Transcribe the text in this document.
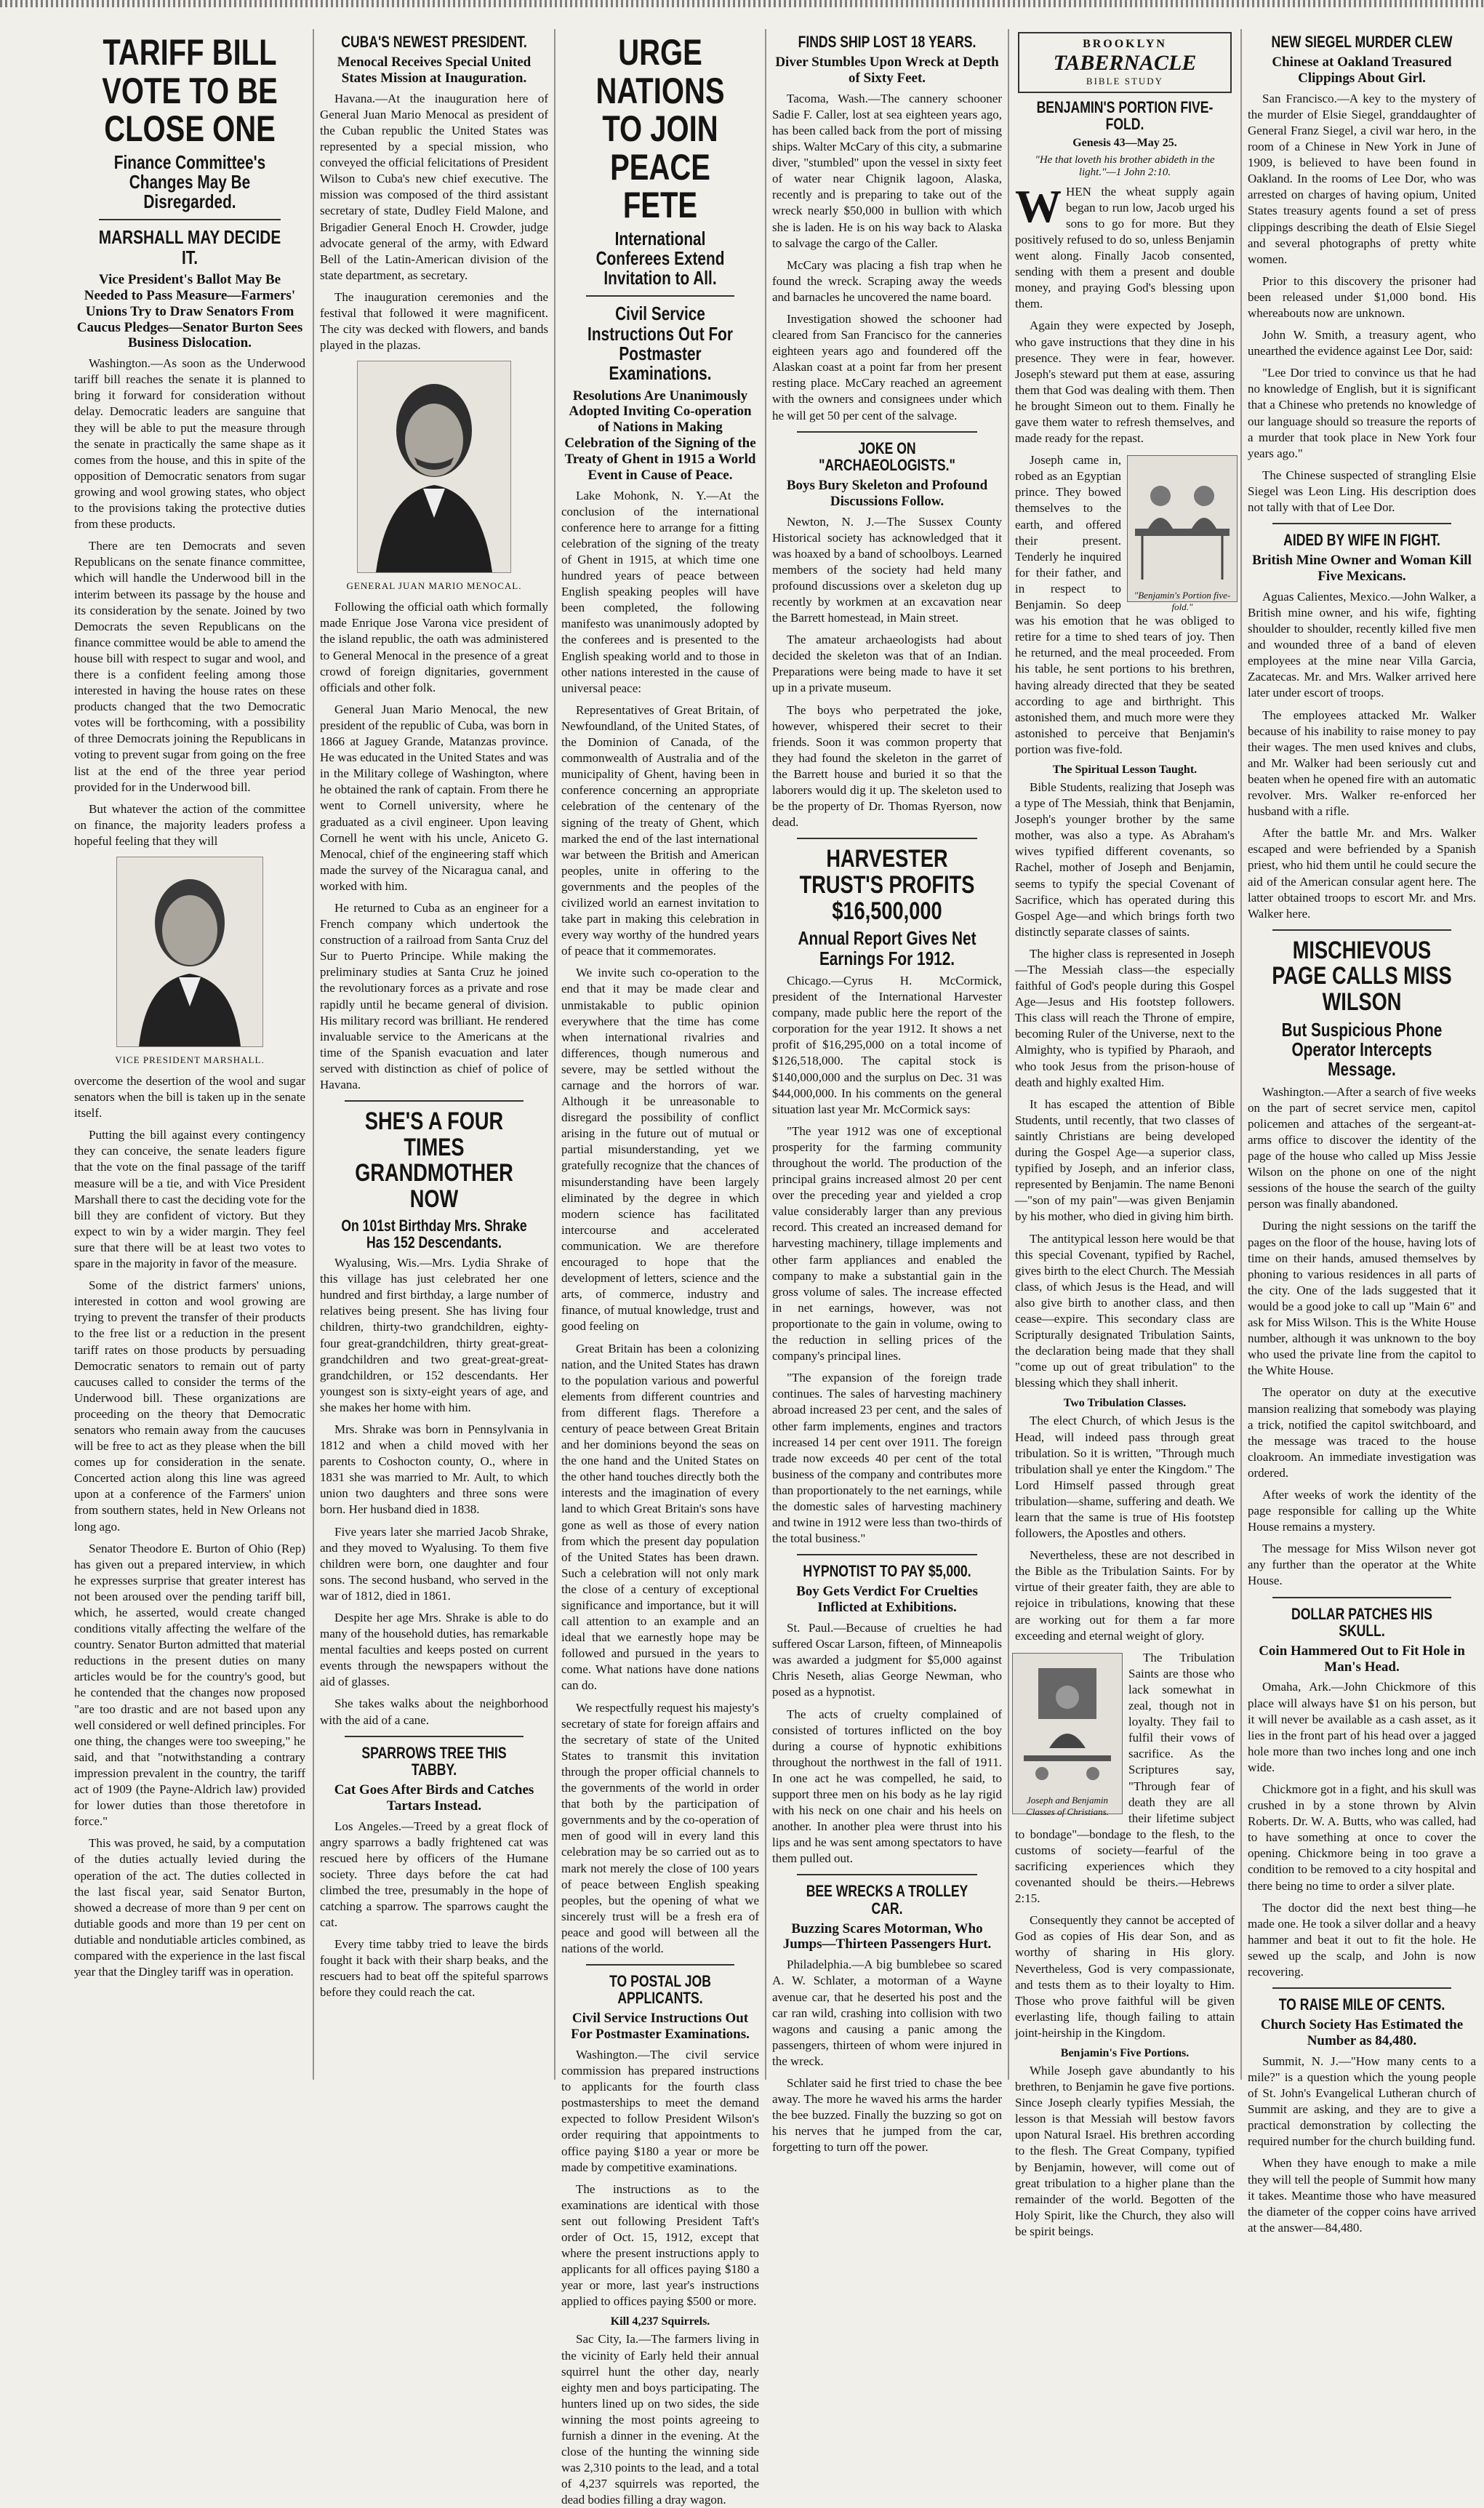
TARIFF BILL VOTE TO BE CLOSE ONE
Finance Committee's Changes May Be Disregarded.
MARSHALL MAY DECIDE IT.
Vice President's Ballot May Be Needed to Pass Measure—Farmers' Unions Try to Draw Senators From Caucus Pledges—Senator Burton Sees Business Dislocation.

Washington.—As soon as the Underwood tariff bill reaches the senate it is planned to bring it forward for consideration without delay. Democratic leaders are sanguine that they will be able to put the measure through the senate in practically the same shape as it comes from the house, and this in spite of the opposition of Democratic senators from sugar growing and wool growing states, who object to the provisions taking the protective duties from these products.

There are ten Democrats and seven Republicans on the senate finance committee, which will handle the Underwood bill in the interim between its passage by the house and its consideration by the senate. Joined by two Democrats the seven Republicans on the finance committee would be able to amend the house bill with respect to sugar and wool, and there is a confident feeling among those interested in having the house rates on these products changed that the two Democratic votes will be forthcoming, with a possibility of three Democrats joining the Republicans in voting to prevent sugar from going on the free list at the end of the three year period provided for in the Underwood bill.

But whatever the action of the committee on finance, the majority leaders profess a hopeful feeling that they will

VICE PRESIDENT MARSHALL.

overcome the desertion of the wool and sugar senators when the bill is taken up in the senate itself.

Putting the bill against every contingency they can conceive, the senate leaders figure that the vote on the final passage of the tariff measure will be a tie, and with Vice President Marshall there to cast the deciding vote for the bill they are confident of victory. But they expect to win by a wider margin. They feel sure that there will be at least two votes to spare in the majority in favor of the measure.

Some of the district farmers' unions, interested in cotton and wool growing are trying to prevent the transfer of their products to the free list or a reduction in the present tariff rates on those products by persuading Democratic senators to remain out of party caucuses called to consider the terms of the Underwood bill. These organizations are proceeding on the theory that Democratic senators who remain away from the caucuses will be free to act as they please when the bill comes up for consideration in the senate. Concerted action along this line was agreed upon at a conference of the Farmers' union from southern states, held in New Orleans not long ago.

Senator Theodore E. Burton of Ohio (Rep) has given out a prepared interview, in which he expresses surprise that greater interest has not been aroused over the pending tariff bill, which, he asserted, would create changed conditions vitally affecting the welfare of the country. Senator Burton admitted that material reductions in the present duties on many articles would be for the country's good, but he contended that the changes now proposed "are too drastic and are not based upon any well considered or well defined principles. For one thing, the changes were too sweeping," he said, and that "notwithstanding a contrary impression prevalent in the country, the tariff act of 1909 (the Payne-Aldrich law) provided for lower duties than those theretofore in force."

This was proved, he said, by a computation of the duties actually levied during the operation of the act. The duties collected in the last fiscal year, said Senator Burton, showed a decrease of more than 9 per cent on dutiable goods and more than 19 per cent on dutiable and nondutiable articles combined, as compared with the experience in the last fiscal year that the Dingley tariff was in operation.

CUBA'S NEWEST PRESIDENT.
Menocal Receives Special United States Mission at Inauguration.

Havana.—At the inauguration here of General Juan Mario Menocal as president of the Cuban republic the United States was represented by a special mission, who conveyed the official felicitations of President Wilson to Cuba's new chief executive. The mission was composed of the third assistant secretary of state, Dudley Field Malone, and Brigadier General Enoch H. Crowder, judge advocate general of the army, with Edward Bell of the Latin-American division of the state department, as secretary.

The inauguration ceremonies and the festival that followed it were magnificent. The city was decked with flowers, and bands played in the plazas.

GENERAL JUAN MARIO MENOCAL.

Following the official oath which formally made Enrique Jose Varona vice president of the island republic, the oath was administered to General Menocal in the presence of a great crowd of foreign dignitaries, government officials and other folk.

General Juan Mario Menocal, the new president of the republic of Cuba, was born in 1866 at Jaguey Grande, Matanzas province. He was educated in the United States and was in the Military college of Washington, where he obtained the rank of captain. From there he went to Cornell university, where he graduated as a civil engineer. Upon leaving Cornell he went with his uncle, Aniceto G. Menocal, chief of the engineering staff which made the survey of the Nicaragua canal, and worked with him.

He returned to Cuba as an engineer for a French company which undertook the construction of a railroad from Santa Cruz del Sur to Puerto Principe. While making the preliminary studies at Santa Cruz he joined the revolutionary forces as a private and rose rapidly until he became general of division. His military record was brilliant. He rendered invaluable service to the Americans at the time of the Spanish evacuation and later served with distinction as chief of police of Havana.

SHE'S A FOUR TIMES GRANDMOTHER NOW
On 101st Birthday Mrs. Shrake Has 152 Descendants.

Wyalusing, Wis.—Mrs. Lydia Shrake of this village has just celebrated her one hundred and first birthday, a large number of relatives being present. She has living four children, thirty-two grandchildren, eighty-four great-grandchildren, thirty great-great-grandchildren and two great-great-great-grandchildren, or 152 descendants. Her youngest son is sixty-eight years of age, and she makes her home with him.

Mrs. Shrake was born in Pennsylvania in 1812 and when a child moved with her parents to Coshocton county, O., where in 1831 she was married to Mr. Ault, to which union two daughters and three sons were born. Her husband died in 1838.

Five years later she married Jacob Shrake, and they moved to Wyalusing. To them five children were born, one daughter and four sons. The second husband, who served in the war of 1812, died in 1861.

Despite her age Mrs. Shrake is able to do many of the household duties, has remarkable mental faculties and keeps posted on current events through the newspapers without the aid of glasses.

She takes walks about the neighborhood with the aid of a cane.

SPARROWS TREE THIS TABBY.
Cat Goes After Birds and Catches Tartars Instead.

Los Angeles.—Treed by a great flock of angry sparrows a badly frightened cat was rescued here by officers of the Humane society. Three days before the cat had climbed the tree, presumably in the hope of catching a sparrow. The sparrows caught the cat.

Every time tabby tried to leave the birds fought it back with their sharp beaks, and the rescuers had to beat off the spiteful sparrows before they could reach the cat.

URGE NATIONS TO JOIN PEACE FETE
International Conferees Extend Invitation to All.
Civil Service Instructions Out For Postmaster Examinations.
Resolutions Are Unanimously Adopted Inviting Co-operation of Nations in Making Celebration of the Signing of the Treaty of Ghent in 1915 a World Event in Cause of Peace.

Lake Mohonk, N. Y.—At the conclusion of the international conference here to arrange for a fitting celebration of the signing of the treaty of Ghent in 1915, at which time one hundred years of peace between English speaking peoples will have been completed, the following manifesto was unanimously adopted by the conferees and is presented to the English speaking world and to those in other nations interested in the cause of universal peace:

Representatives of Great Britain, of Newfoundland, of the United States, of the Dominion of Canada, of the commonwealth of Australia and of the municipality of Ghent, having been in conference concerning an appropriate celebration of the centenary of the signing of the treaty of Ghent, which marked the end of the last international war between the British and American peoples, unite in offering to the governments and the peoples of the civilized world an earnest invitation to take part in making this celebration in every way worthy of the hundred years of peace that it commemorates.

We invite such co-operation to the end that it may be made clear and unmistakable to public opinion everywhere that the time has come when international rivalries and differences, though numerous and severe, may be settled without the carnage and the horrors of war. Although it be unreasonable to disregard the possibility of conflict arising in the future out of mutual or partial misunderstanding, yet we gratefully recognize that the chances of misunderstanding have been largely eliminated by the degree in which modern science has facilitated intercourse and accelerated communication. We are therefore encouraged to hope that the development of letters, science and the arts, of commerce, industry and finance, of mutual knowledge, trust and good feeling on

Great Britain has been a colonizing nation, and the United States has drawn to the population various and powerful elements from different countries and from different flags. Therefore a century of peace between Great Britain and her dominions beyond the seas on the one hand and the United States on the other hand touches directly both the interests and the imagination of every land to which Great Britain's sons have gone as well as those of every nation from which the present day population of the United States has been drawn. Such a celebration will not only mark the close of a century of exceptional significance and importance, but it will call attention to an example and an ideal that we earnestly hope may be followed and pursued in the years to come. What nations have done nations can do.

We respectfully request his majesty's secretary of state for foreign affairs and the secretary of state of the United States to transmit this invitation through the proper official channels to the governments of the world in order that both by the participation of governments and by the co-operation of men of good will in every land this celebration may be so carried out as to mark not merely the close of 100 years of peace between English speaking peoples, but the opening of what we sincerely trust will be a fresh era of peace and good will between all the nations of the world.

TO POSTAL JOB APPLICANTS.
Civil Service Instructions Out For Postmaster Examinations.

Washington.—The civil service commission has prepared instructions to applicants for the fourth class postmasterships to meet the demand expected to follow President Wilson's order requiring that appointments to office paying $180 a year or more be made by competitive examinations.

The instructions as to the examinations are identical with those sent out following President Taft's order of Oct. 15, 1912, except that where the present instructions apply to applicants for all offices paying $180 a year or more, last year's instructions applied to offices paying $500 or more.

Kill 4,237 Squirrels.

Sac City, Ia.—The farmers living in the vicinity of Early held their annual squirrel hunt the other day, nearly eighty men and boys participating. The hunters lined up on two sides, the side winning the most points agreeing to furnish a dinner in the evening. At the close of the hunting the winning side was 2,310 points to the lead, and a total of 4,237 squirrels was reported, the dead bodies filling a dray wagon.

FINDS SHIP LOST 18 YEARS.
Diver Stumbles Upon Wreck at Depth of Sixty Feet.

Tacoma, Wash.—The cannery schooner Sadie F. Caller, lost at sea eighteen years ago, has been called back from the port of missing ships. Walter McCary of this city, a submarine diver, "stumbled" upon the vessel in sixty feet of water near Chignik lagoon, Alaska, recently and is preparing to take out of the wreck nearly $50,000 in bullion with which she is laden. He is on his way back to Alaska to salvage the cargo of the Caller.

McCary was placing a fish trap when he found the wreck. Scraping away the weeds and barnacles he uncovered the name board.

Investigation showed the schooner had cleared from San Francisco for the canneries eighteen years ago and foundered off the Alaskan coast at a point far from her present resting place. McCary reached an agreement with the owners and consignees under which he will get 50 per cent of the salvage.

JOKE ON "ARCHAEOLOGISTS."
Boys Bury Skeleton and Profound Discussions Follow.

Newton, N. J.—The Sussex County Historical society has acknowledged that it was hoaxed by a band of schoolboys. Learned members of the society had held many profound discussions over a skeleton dug up recently by workmen at an excavation near the Barrett homestead, in Main street.

The amateur archaeologists had about decided the skeleton was that of an Indian. Preparations were being made to have it set up in a private museum.

The boys who perpetrated the joke, however, whispered their secret to their friends. Soon it was common property that they had found the skeleton in the garret of the Barrett house and buried it so that the laborers would dig it up. The skeleton used to be the property of Dr. Thomas Ryerson, now dead.

HARVESTER TRUST'S PROFITS $16,500,000
Annual Report Gives Net Earnings For 1912.

Chicago.—Cyrus H. McCormick, president of the International Harvester company, made public here the report of the corporation for the year 1912. It shows a net profit of $16,295,000 on a total income of $126,518,000. The capital stock is $140,000,000 and the surplus on Dec. 31 was $44,000,000. In his comments on the general situation last year Mr. McCormick says:

"The year 1912 was one of exceptional prosperity for the farming community throughout the world. The production of the principal grains increased almost 20 per cent over the preceding year and yielded a crop value considerably larger than any previous record. This created an increased demand for harvesting machinery, tillage implements and other farm appliances and enabled the company to make a substantial gain in the gross volume of sales. The increase effected in net earnings, however, was not proportionate to the gain in volume, owing to the reduction in selling prices of the company's principal lines.

"The expansion of the foreign trade continues. The sales of harvesting machinery abroad increased 23 per cent, and the sales of other farm implements, engines and tractors increased 14 per cent over 1911. The foreign trade now exceeds 40 per cent of the total business of the company and contributes more than proportionately to the net earnings, while the domestic sales of harvesting machinery and twine in 1912 were less than two-thirds of the total business."

HYPNOTIST TO PAY $5,000.
Boy Gets Verdict For Cruelties Inflicted at Exhibitions.

St. Paul.—Because of cruelties he had suffered Oscar Larson, fifteen, of Minneapolis was awarded a judgment for $5,000 against Chris Neseth, alias George Newman, who posed as a hypnotist.

The acts of cruelty complained of consisted of tortures inflicted on the boy during a course of hypnotic exhibitions throughout the northwest in the fall of 1911. In one act he was compelled, he said, to support three men on his body as he lay rigid with his neck on one chair and his heels on another. In another plea were thrust into his lips and he was sent among spectators to have them pulled out.

BEE WRECKS A TROLLEY CAR.
Buzzing Scares Motorman, Who Jumps—Thirteen Passengers Hurt.

Philadelphia.—A big bumblebee so scared A. W. Schlater, a motorman of a Wayne avenue car, that he deserted his post and the car ran wild, crashing into collision with two wagons and causing a panic among the passengers, thirteen of whom were injured in the wreck.

Schlater said he first tried to chase the bee away. The more he waved his arms the harder the bee buzzed. Finally the buzzing so got on his nerves that he jumped from the car, forgetting to turn off the power.

BROOKLYN
TABERNACLE
BIBLE STUDY
BENJAMIN'S PORTION FIVE-FOLD.
Genesis 43—May 25.
"He that loveth his brother abideth in the light."—1 John 2:10.

WHEN the wheat supply again began to run low, Jacob urged his sons to go for more. But they positively refused to do so, unless Benjamin went along. Finally Jacob consented, sending with them a present and double money, and praying God's blessing upon them.

Again they were expected by Joseph, who gave instructions that they dine in his presence. They were in fear, however. Joseph's steward put them at ease, assuring them that God was dealing with them. Then he brought Simeon out to them. Finally he gave them water to refresh themselves, and made ready for the repast.

"Benjamin's Portion five-fold."

Joseph came in, robed as an Egyptian prince. They bowed themselves to the earth, and offered their present. Tenderly he inquired for their father, and in respect to Benjamin. So deep was his emotion that he was obliged to retire for a time to shed tears of joy. Then he returned, and the meal proceeded. From his table, he sent portions to his brethren, having already directed that they be seated according to age and birthright. This astonished them, and much more were they astonished to perceive that Benjamin's portion was five-fold.

The Spiritual Lesson Taught.

Bible Students, realizing that Joseph was a type of The Messiah, think that Benjamin, Joseph's younger brother by the same mother, was also a type. As Abraham's wives typified different covenants, so Rachel, mother of Joseph and Benjamin, seems to typify the special Covenant of Sacrifice, which has operated during this Gospel Age—and which brings forth two distinctly separate classes of saints.

The higher class is represented in Joseph—The Messiah class—the especially faithful of God's people during this Gospel Age—Jesus and His footstep followers. This class will reach the Throne of empire, becoming Ruler of the Universe, next to the Almighty, who is typified by Pharaoh, and who took Jesus from the prison-house of death and highly exalted Him.

It has escaped the attention of Bible Students, until recently, that two classes of saintly Christians are being developed during the Gospel Age—a superior class, typified by Joseph, and an inferior class, represented by Benjamin. The name Benoni—"son of my pain"—was given Benjamin by his mother, who died in giving him birth.

The antitypical lesson here would be that this special Covenant, typified by Rachel, gives birth to the elect Church. The Messiah class, of which Jesus is the Head, and will also give birth to another class, and then cease—expire. This secondary class are Scripturally designated Tribulation Saints, the declaration being made that they shall "come up out of great tribulation" to the blessing which they shall inherit.

Two Tribulation Classes.

The elect Church, of which Jesus is the Head, will indeed pass through great tribulation. So it is written, "Through much tribulation shall ye enter the Kingdom." The Lord Himself passed through great tribulation—shame, suffering and death. We learn that the same is true of His footstep followers, the Apostles and others.

Nevertheless, these are not described in the Bible as the Tribulation Saints. For by virtue of their greater faith, they are able to rejoice in tribulations, knowing that these are working out for them a far more exceeding and eternal weight of glory.

Joseph and Benjamin Classes of Christians.

The Tribulation Saints are those who lack somewhat in zeal, though not in loyalty. They fail to fulfil their vows of sacrifice. As the Scriptures say, "Through fear of death they are all their lifetime subject to bondage"—bondage to the flesh, to the customs of society—fearful of the sacrificing experiences which they covenanted should be theirs.—Hebrews 2:15.

Consequently they cannot be accepted of God as copies of His dear Son, and as worthy of sharing in His glory. Nevertheless, God is very compassionate, and tests them as to their loyalty to Him. Those who prove faithful will be given everlasting life, though failing to attain joint-heirship in the Kingdom.

Benjamin's Five Portions.

While Joseph gave abundantly to his brethren, to Benjamin he gave five portions. Since Joseph clearly typifies Messiah, the lesson is that Messiah will bestow favors upon Natural Israel. His brethren according to the flesh. The Great Company, typified by Benjamin, however, will come out of great tribulation to a higher plane than the remainder of the world. Begotten of the Holy Spirit, like the Church, they also will be spirit beings.

NEW SIEGEL MURDER CLEW
Chinese at Oakland Treasured Clippings About Girl.

San Francisco.—A key to the mystery of the murder of Elsie Siegel, granddaughter of General Franz Siegel, a civil war hero, in the room of a Chinese in New York in June of 1909, is believed to have been found in Oakland. In the rooms of Lee Dor, who was arrested on charges of having opium, United States treasury agents found a set of press clippings describing the death of Elsie Siegel and several photographs of pretty white women.

Prior to this discovery the prisoner had been released under $1,000 bond. His whereabouts now are unknown.

John W. Smith, a treasury agent, who unearthed the evidence against Lee Dor, said:

"Lee Dor tried to convince us that he had no knowledge of English, but it is significant that a Chinese who pretends no knowledge of our language should so treasure the reports of a murder that took place in New York four years ago."

The Chinese suspected of strangling Elsie Siegel was Leon Ling. His description does not tally with that of Lee Dor.

AIDED BY WIFE IN FIGHT.
British Mine Owner and Woman Kill Five Mexicans.

Aguas Calientes, Mexico.—John Walker, a British mine owner, and his wife, fighting shoulder to shoulder, recently killed five men and wounded three of a band of eleven employees at the mine near Villa Garcia, Zacatecas. Mr. and Mrs. Walker arrived here later under escort of troops.

The employees attacked Mr. Walker because of his inability to raise money to pay their wages. The men used knives and clubs, and Mr. Walker had been seriously cut and beaten when he opened fire with an automatic revolver. Mrs. Walker re-enforced her husband with a rifle.

After the battle Mr. and Mrs. Walker escaped and were befriended by a Spanish priest, who hid them until he could secure the aid of the American consular agent here. The latter obtained troops to escort Mr. and Mrs. Walker here.

MISCHIEVOUS PAGE CALLS MISS WILSON
But Suspicious Phone Operator Intercepts Message.

Washington.—After a search of five weeks on the part of secret service men, capitol policemen and attaches of the sergeant-at-arms office to discover the identity of the page of the house who called up Miss Jessie Wilson on the phone on one of the night sessions of the house the search of the guilty person was finally abandoned.

During the night sessions on the tariff the pages on the floor of the house, having lots of time on their hands, amused themselves by phoning to various residences in all parts of the city. One of the lads suggested that it would be a good joke to call up "Main 6" and ask for Miss Wilson. This is the White House number, although it was unknown to the boy who used the private line from the capitol to the White House.

The operator on duty at the executive mansion realizing that somebody was playing a trick, notified the capitol switchboard, and the message was traced to the house cloakroom. An immediate investigation was ordered.

After weeks of work the identity of the page responsible for calling up the White House remains a mystery.

The message for Miss Wilson never got any further than the operator at the White House.

DOLLAR PATCHES HIS SKULL.
Coin Hammered Out to Fit Hole in Man's Head.

Omaha, Ark.—John Chickmore of this place will always have $1 on his person, but it will never be available as a cash asset, as it lies in the front part of his head over a jagged hole more than two inches long and one inch wide.

Chickmore got in a fight, and his skull was crushed in by a stone thrown by Alvin Roberts. Dr. W. A. Butts, who was called, had to have something at once to cover the opening. Chickmore being in too grave a condition to be removed to a city hospital and there being no time to order a silver plate.

The doctor did the next best thing—he made one. He took a silver dollar and a heavy hammer and beat it out to fit the hole. He sewed up the scalp, and John is now recovering.

TO RAISE MILE OF CENTS.
Church Society Has Estimated the Number as 84,480.

Summit, N. J.—"How many cents to a mile?" is a question which the young people of St. John's Evangelical Lutheran church of Summit are asking, and they are to give a practical demonstration by collecting the required number for the church building fund.

When they have enough to make a mile they will tell the people of Summit how many it takes. Meantime those who have measured the diameter of the copper coins have arrived at the answer—84,480.
